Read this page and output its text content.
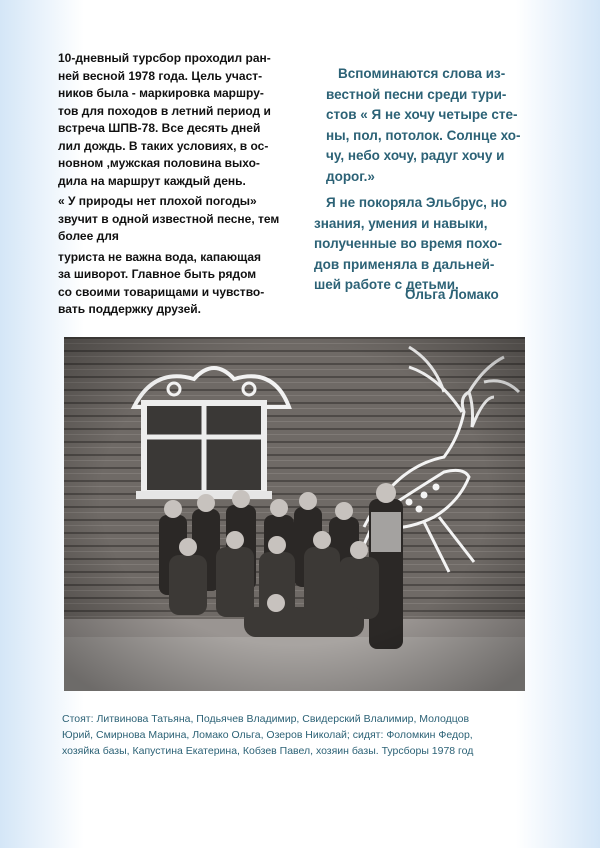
10-дневный турсбор проходил ран-
ней весной 1978 года. Цель участ-
ников была - маркировка маршру-
тов для походов в летний период и
встреча ШПВ-78. Все десять дней
лил дождь. В таких условиях, в ос-
новном ,мужская половина выхо-
дила на маршрут каждый день.

« У природы нет плохой погоды»
звучит в одной известной песне, тем
более для

туриста не важна вода, капающая
за шиворот. Главное быть рядом
со своими товарищами и чувство-
вать поддержку друзей.

Вспоминаются слова из-
вестной песни среди тури-
стов « Я не хочу четыре сте-
ны, пол, потолок. Солнце хо-
чу, небо хочу, радуг хочу и
дорог.»

Я не покоряла Эльбрус, но
знания, умения и навыки,
полученные во время похо-
дов применяла в дальней-
шей работе с детьми.

Ольга Ломако
Стоят: Литвинова Татьяна, Подьячев Владимир, Свидерский Влалимир, Молодцов
Юрий, Смирнова Марина, Ломако Ольга, Озеров Николай; сидят: Фоломкин Федор,
хозяйка базы, Капустина Екатерина, Кобзев Павел, хозяин базы. Турсборы 1978 год
